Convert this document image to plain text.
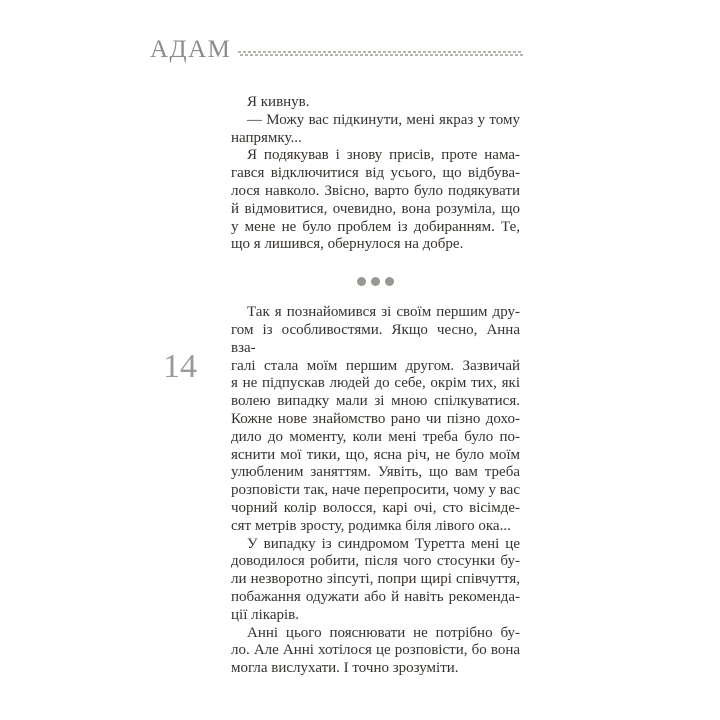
АДАМ
14
Я кивнув.
— Можу вас підкинути, мені якраз у тому
напрямку...
Я подякував і знову присів, проте нама-
гався відключитися від усього, що відбува-
лося навколо. Звісно, варто було подякувати
й відмовитися, очевидно, вона розуміла, що
у мене не було проблем із добиранням. Те,
що я лишився, обернулося на добре.
Так я познайомився зі своїм першим дру-
гом із особливостями. Якщо чесно, Анна вза-
галі стала моїм першим другом. Зазвичай
я не підпускав людей до себе, окрім тих, які
волею випадку мали зі мною спілкуватися.
Кожне нове знайомство рано чи пізно дохо-
дило до моменту, коли мені треба було по-
яснити мої тики, що, ясна річ, не було моїм
улюбленим заняттям. Уявіть, що вам треба
розповісти так, наче перепросити, чому у вас
чорний колір волосся, карі очі, сто вісімде-
сят метрів зросту, родимка біля лівого ока...
У випадку із синдромом Туретта мені це
доводилося робити, після чого стосунки бу-
ли незворотно зіпсуті, попри щирі співчуття,
побажання одужати або й навіть рекоменда-
ції лікарів.
Анні цього пояснювати не потрібно бу-
ло. Але Анні хотілося це розповісти, бо вона
могла вислухати. І точно зрозуміти.
